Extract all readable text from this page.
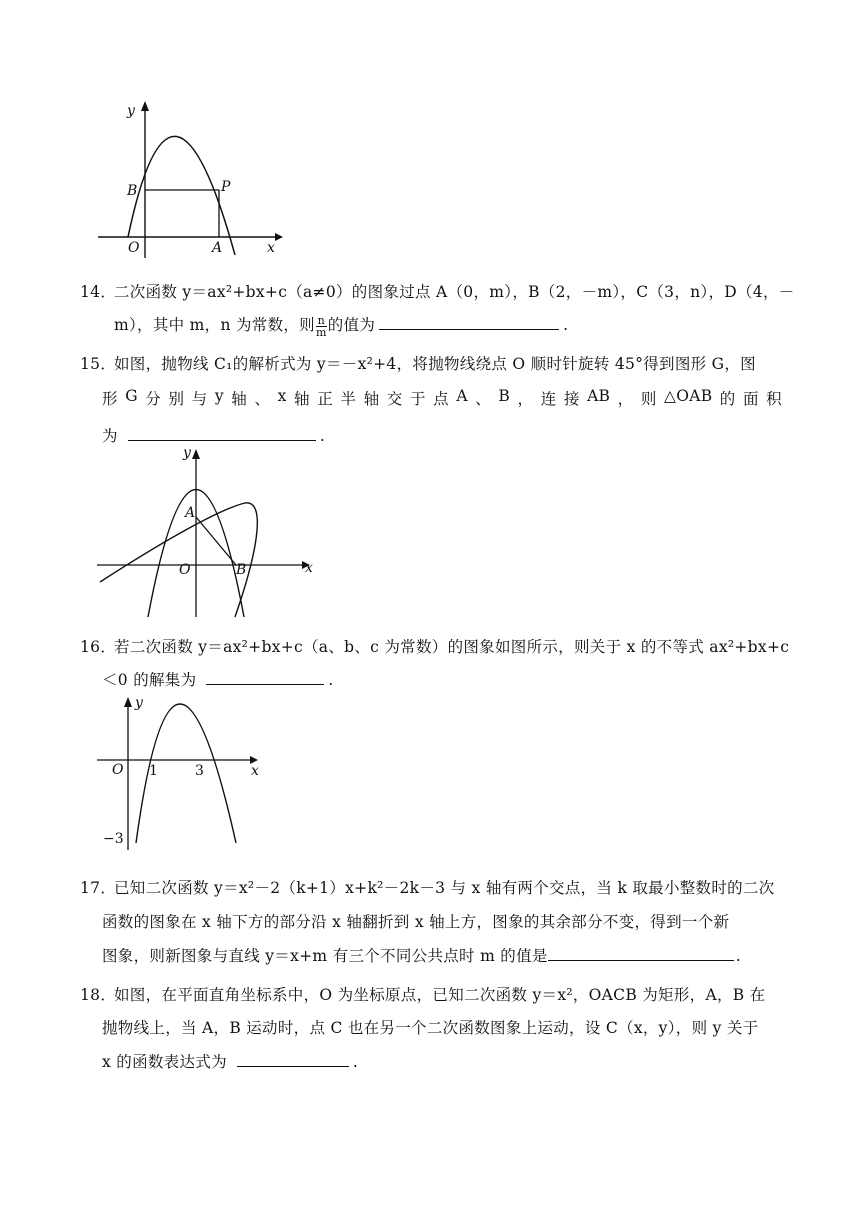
y
x
O
B	P
A
14．
二次函数 y＝ax²+bx+c（a≠0）的图象过点 A（0，m），B（2，－m），C（3，n），D（4，－
m），其中 m，n 为常数，则 $\frac{n}{m}$ 的值为	.
15．
如图，抛物线 C₁的解析式为 y＝－x²+4，将抛物线绕点 O 顺时针旋转 45°得到图形 G，图
形 G 分 别 与 y 轴 、 x 轴 正 半 轴 交 于 点 A 、 B ， 连 接 AB ， 则 △OAB 的 面 积
为	.
y
x
O
A
B
16．
若二次函数 y＝ax²+bx+c（a、b、c 为常数）的图象如图所示，则关于 x 的不等式 ax²+bx+c
＜0 的解集为	.
y
x
O 1	3
−3
17．
已知二次函数 y＝x²－2（k+1）x+k²－2k－3 与 x 轴有两个交点，当 k 取最小整数时的二次
函数的图象在 x 轴下方的部分沿 x 轴翻折到 x 轴上方，图象的其余部分不变，得到一个新
图象，则新图象与直线 y＝x+m 有三个不同公共点时 m 的值是	.
18．
如图，在平面直角坐标系中，O 为坐标原点，已知二次函数 y＝x²，OACB 为矩形，A，B 在
抛物线上，当 A，B 运动时，点 C 也在另一个二次函数图象上运动，设 C（x，y），则 y 关于
x 的函数表达式为	.
